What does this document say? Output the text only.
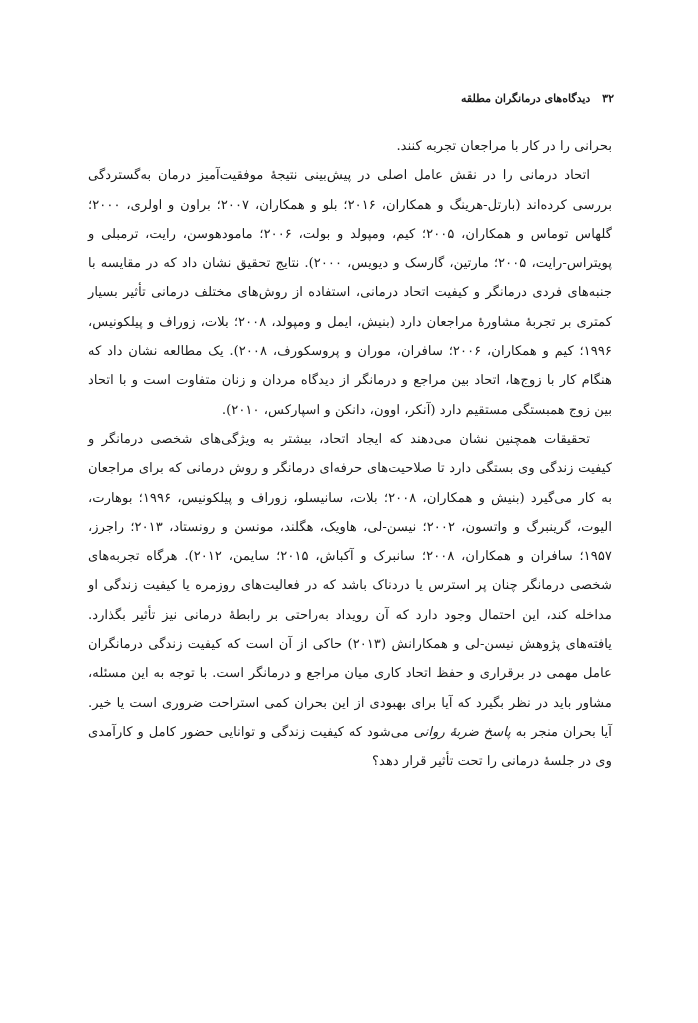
۳۲ دیدگاه‌های درمانگران مطلقه

بحرانی را در کار با مراجعان تجربه کنند.

اتحاد درمانی را در نقش عامل اصلی در پیش‌بینی نتیجهٔ موفقیت‌آمیز درمان به‌گستردگی بررسی کرده‌اند (بارتل-هرینگ و همکاران، ۲۰۱۶؛ بلو و همکاران، ۲۰۰۷؛ براون و اولری، ۲۰۰۰؛ گلهاس توماس و همکاران، ۲۰۰۵؛ کیم، ومپولد و بولت، ۲۰۰۶؛ مامودهوسن، رایت، ترمبلی و پویتراس-رایت، ۲۰۰۵؛ مارتین، گارسک و دیویس، ۲۰۰۰). نتایج تحقیق نشان داد که در مقایسه با جنبه‌های فردی درمانگر و کیفیت اتحاد درمانی، استفاده از روش‌های مختلف درمانی تأثیر بسیار کمتری بر تجربهٔ مشاورهٔ مراجعان دارد (بنیش، ایمل و ومپولد، ۲۰۰۸؛ بلات، زوراف و پیلکونیس، ۱۹۹۶؛ کیم و همکاران، ۲۰۰۶؛ سافران، موران و پروسکورف، ۲۰۰۸). یک مطالعه نشان داد که هنگام کار با زوج‌ها، اتحاد بین مراجع و درمانگر از دیدگاه مردان و زنان متفاوت است و با اتحاد بین زوج همبستگی مستقیم دارد (آنکر، اوون، دانکن و اسپارکس، ۲۰۱۰).

تحقیقات همچنین نشان می‌دهند که ایجاد اتحاد، بیشتر به ویژگی‌های شخصی درمانگر و کیفیت زندگی وی بستگی دارد تا صلاحیت‌های حرفه‌ای درمانگر و روش درمانی که برای مراجعان به کار می‌گیرد (بنیش و همکاران، ۲۰۰۸؛ بلات، سانیسلو، زوراف و پیلکونیس، ۱۹۹۶؛ بوهارت، الیوت، گرینبرگ و واتسون، ۲۰۰۲؛ نیسن-لی، هاویک، هگلند، مونسن و رونستاد، ۲۰۱۳؛ راجرز، ۱۹۵۷؛ سافران و همکاران، ۲۰۰۸؛ سانبرک و آکباش، ۲۰۱۵؛ سایمن، ۲۰۱۲). هرگاه تجربه‌های شخصی درمانگر چنان پر استرس یا دردناک باشد که در فعالیت‌های روزمره یا کیفیت زندگی او مداخله کند، این احتمال وجود دارد که آن رویداد به‌راحتی بر رابطهٔ درمانی نیز تأثیر بگذارد. یافته‌های پژوهش نیسن-لی و همکارانش (۲۰۱۳) حاکی از آن است که کیفیت زندگی درمانگران عامل مهمی در برقراری و حفظ اتحاد کاری میان مراجع و درمانگر است. با توجه به این مسئله، مشاور باید در نظر بگیرد که آیا برای بهبودی از این بحران کمی استراحت ضروری است یا خیر. آیا بحران منجر به پاسخ ضربهٔ روانی می‌شود که کیفیت زندگی و توانایی حضور کامل و کارآمدی وی در جلسهٔ درمانی را تحت تأثیر قرار دهد؟
